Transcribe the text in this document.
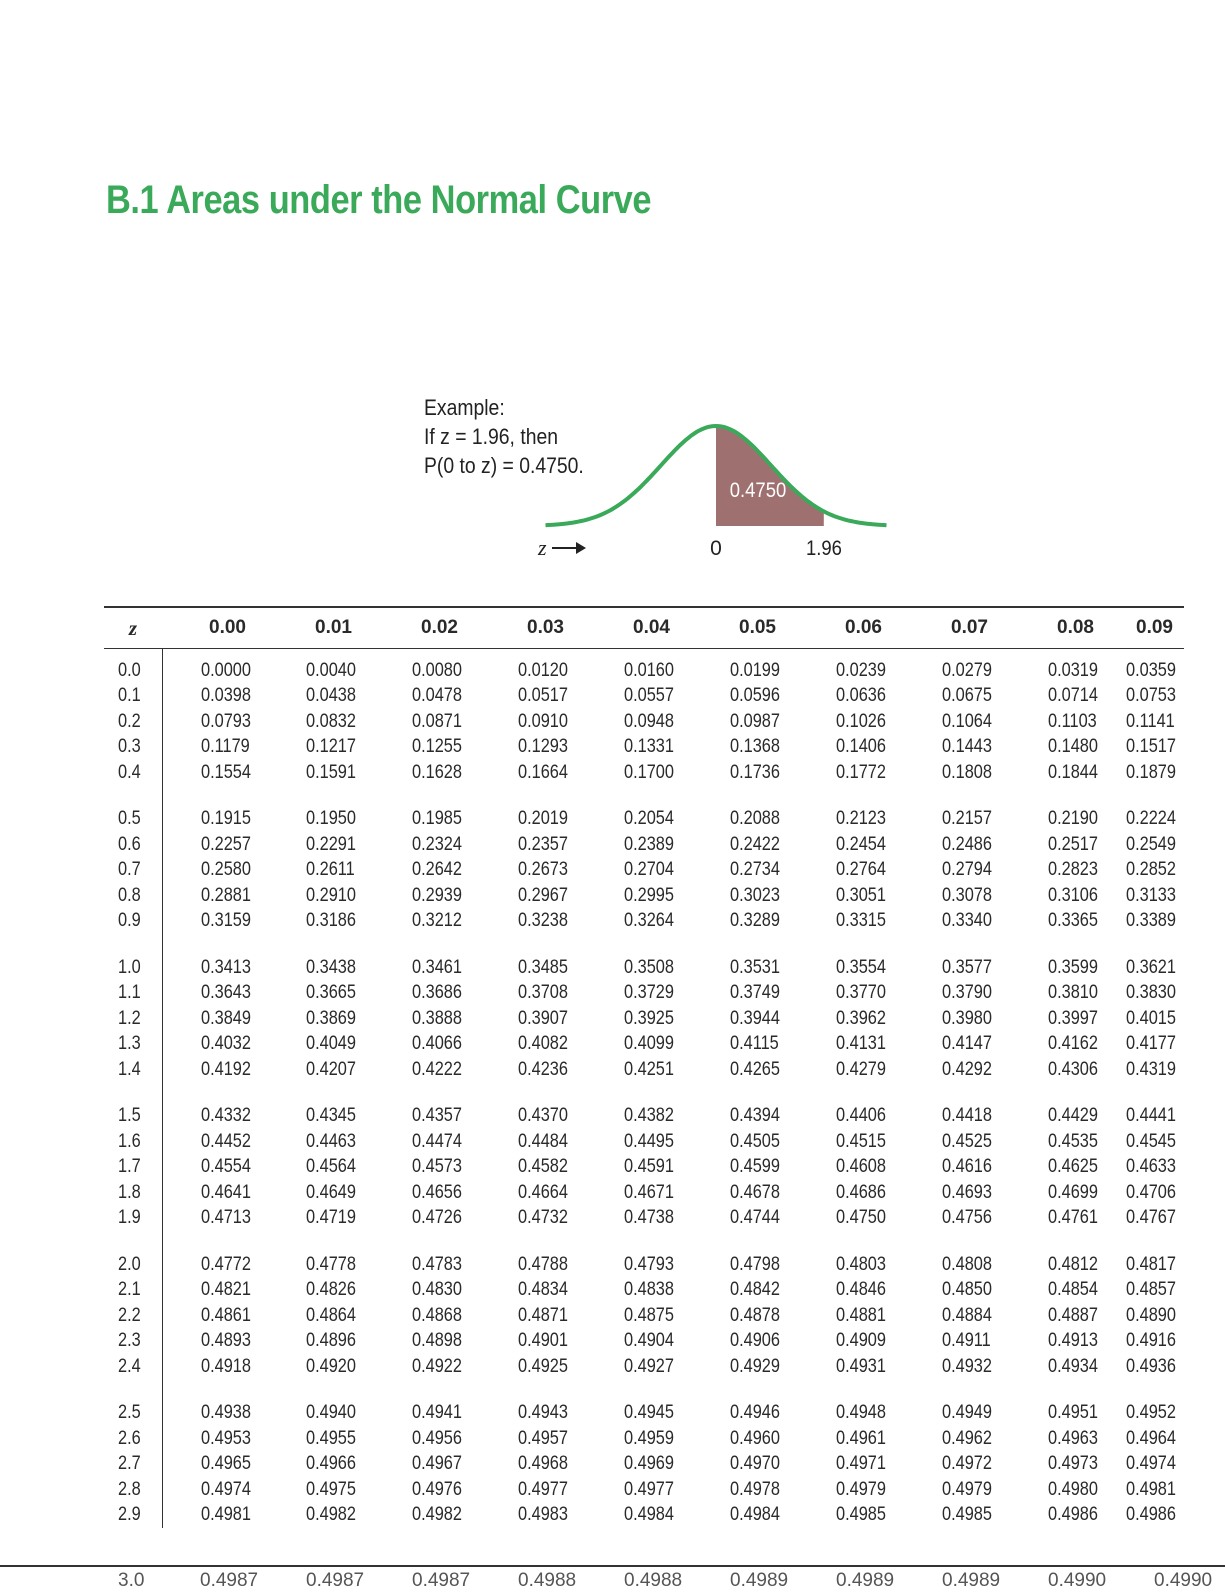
B.1 Areas under the Normal Curve
Example:
If z = 1.96, then
P(0 to z) = 0.4750.
0.4750
z	0	1.96
z	0.00	0.01	0.02	0.03	0.04	0.05	0.06	0.07	0.08	0.09
0.0	0.0000	0.0040	0.0080	0.0120	0.0160	0.0199	0.0239	0.0279	0.0319	0.0359
0.1	0.0398	0.0438	0.0478	0.0517	0.0557	0.0596	0.0636	0.0675	0.0714	0.0753
0.2	0.0793	0.0832	0.0871	0.0910	0.0948	0.0987	0.1026	0.1064	0.1103	0.1141
0.3	0.1179	0.1217	0.1255	0.1293	0.1331	0.1368	0.1406	0.1443	0.1480	0.1517
0.4	0.1554	0.1591	0.1628	0.1664	0.1700	0.1736	0.1772	0.1808	0.1844	0.1879

0.5	0.1915	0.1950	0.1985	0.2019	0.2054	0.2088	0.2123	0.2157	0.2190	0.2224
0.6	0.2257	0.2291	0.2324	0.2357	0.2389	0.2422	0.2454	0.2486	0.2517	0.2549
0.7	0.2580	0.2611	0.2642	0.2673	0.2704	0.2734	0.2764	0.2794	0.2823	0.2852
0.8	0.2881	0.2910	0.2939	0.2967	0.2995	0.3023	0.3051	0.3078	0.3106	0.3133
0.9	0.3159	0.3186	0.3212	0.3238	0.3264	0.3289	0.3315	0.3340	0.3365	0.3389

1.0	0.3413	0.3438	0.3461	0.3485	0.3508	0.3531	0.3554	0.3577	0.3599	0.3621
1.1	0.3643	0.3665	0.3686	0.3708	0.3729	0.3749	0.3770	0.3790	0.3810	0.3830
1.2	0.3849	0.3869	0.3888	0.3907	0.3925	0.3944	0.3962	0.3980	0.3997	0.4015
1.3	0.4032	0.4049	0.4066	0.4082	0.4099	0.4115	0.4131	0.4147	0.4162	0.4177
1.4	0.4192	0.4207	0.4222	0.4236	0.4251	0.4265	0.4279	0.4292	0.4306	0.4319

1.5	0.4332	0.4345	0.4357	0.4370	0.4382	0.4394	0.4406	0.4418	0.4429	0.4441
1.6	0.4452	0.4463	0.4474	0.4484	0.4495	0.4505	0.4515	0.4525	0.4535	0.4545
1.7	0.4554	0.4564	0.4573	0.4582	0.4591	0.4599	0.4608	0.4616	0.4625	0.4633
1.8	0.4641	0.4649	0.4656	0.4664	0.4671	0.4678	0.4686	0.4693	0.4699	0.4706
1.9	0.4713	0.4719	0.4726	0.4732	0.4738	0.4744	0.4750	0.4756	0.4761	0.4767

2.0	0.4772	0.4778	0.4783	0.4788	0.4793	0.4798	0.4803	0.4808	0.4812	0.4817
2.1	0.4821	0.4826	0.4830	0.4834	0.4838	0.4842	0.4846	0.4850	0.4854	0.4857
2.2	0.4861	0.4864	0.4868	0.4871	0.4875	0.4878	0.4881	0.4884	0.4887	0.4890
2.3	0.4893	0.4896	0.4898	0.4901	0.4904	0.4906	0.4909	0.4911	0.4913	0.4916
2.4	0.4918	0.4920	0.4922	0.4925	0.4927	0.4929	0.4931	0.4932	0.4934	0.4936

2.5	0.4938	0.4940	0.4941	0.4943	0.4945	0.4946	0.4948	0.4949	0.4951	0.4952
2.6	0.4953	0.4955	0.4956	0.4957	0.4959	0.4960	0.4961	0.4962	0.4963	0.4964
2.7	0.4965	0.4966	0.4967	0.4968	0.4969	0.4970	0.4971	0.4972	0.4973	0.4974
2.8	0.4974	0.4975	0.4976	0.4977	0.4977	0.4978	0.4979	0.4979	0.4980	0.4981
2.9	0.4981	0.4982	0.4982	0.4983	0.4984	0.4984	0.4985	0.4985	0.4986	0.4986
3.0	0.4987	0.4987	0.4987	0.4988	0.4988	0.4989	0.4989	0.4989	0.4990	0.4990
